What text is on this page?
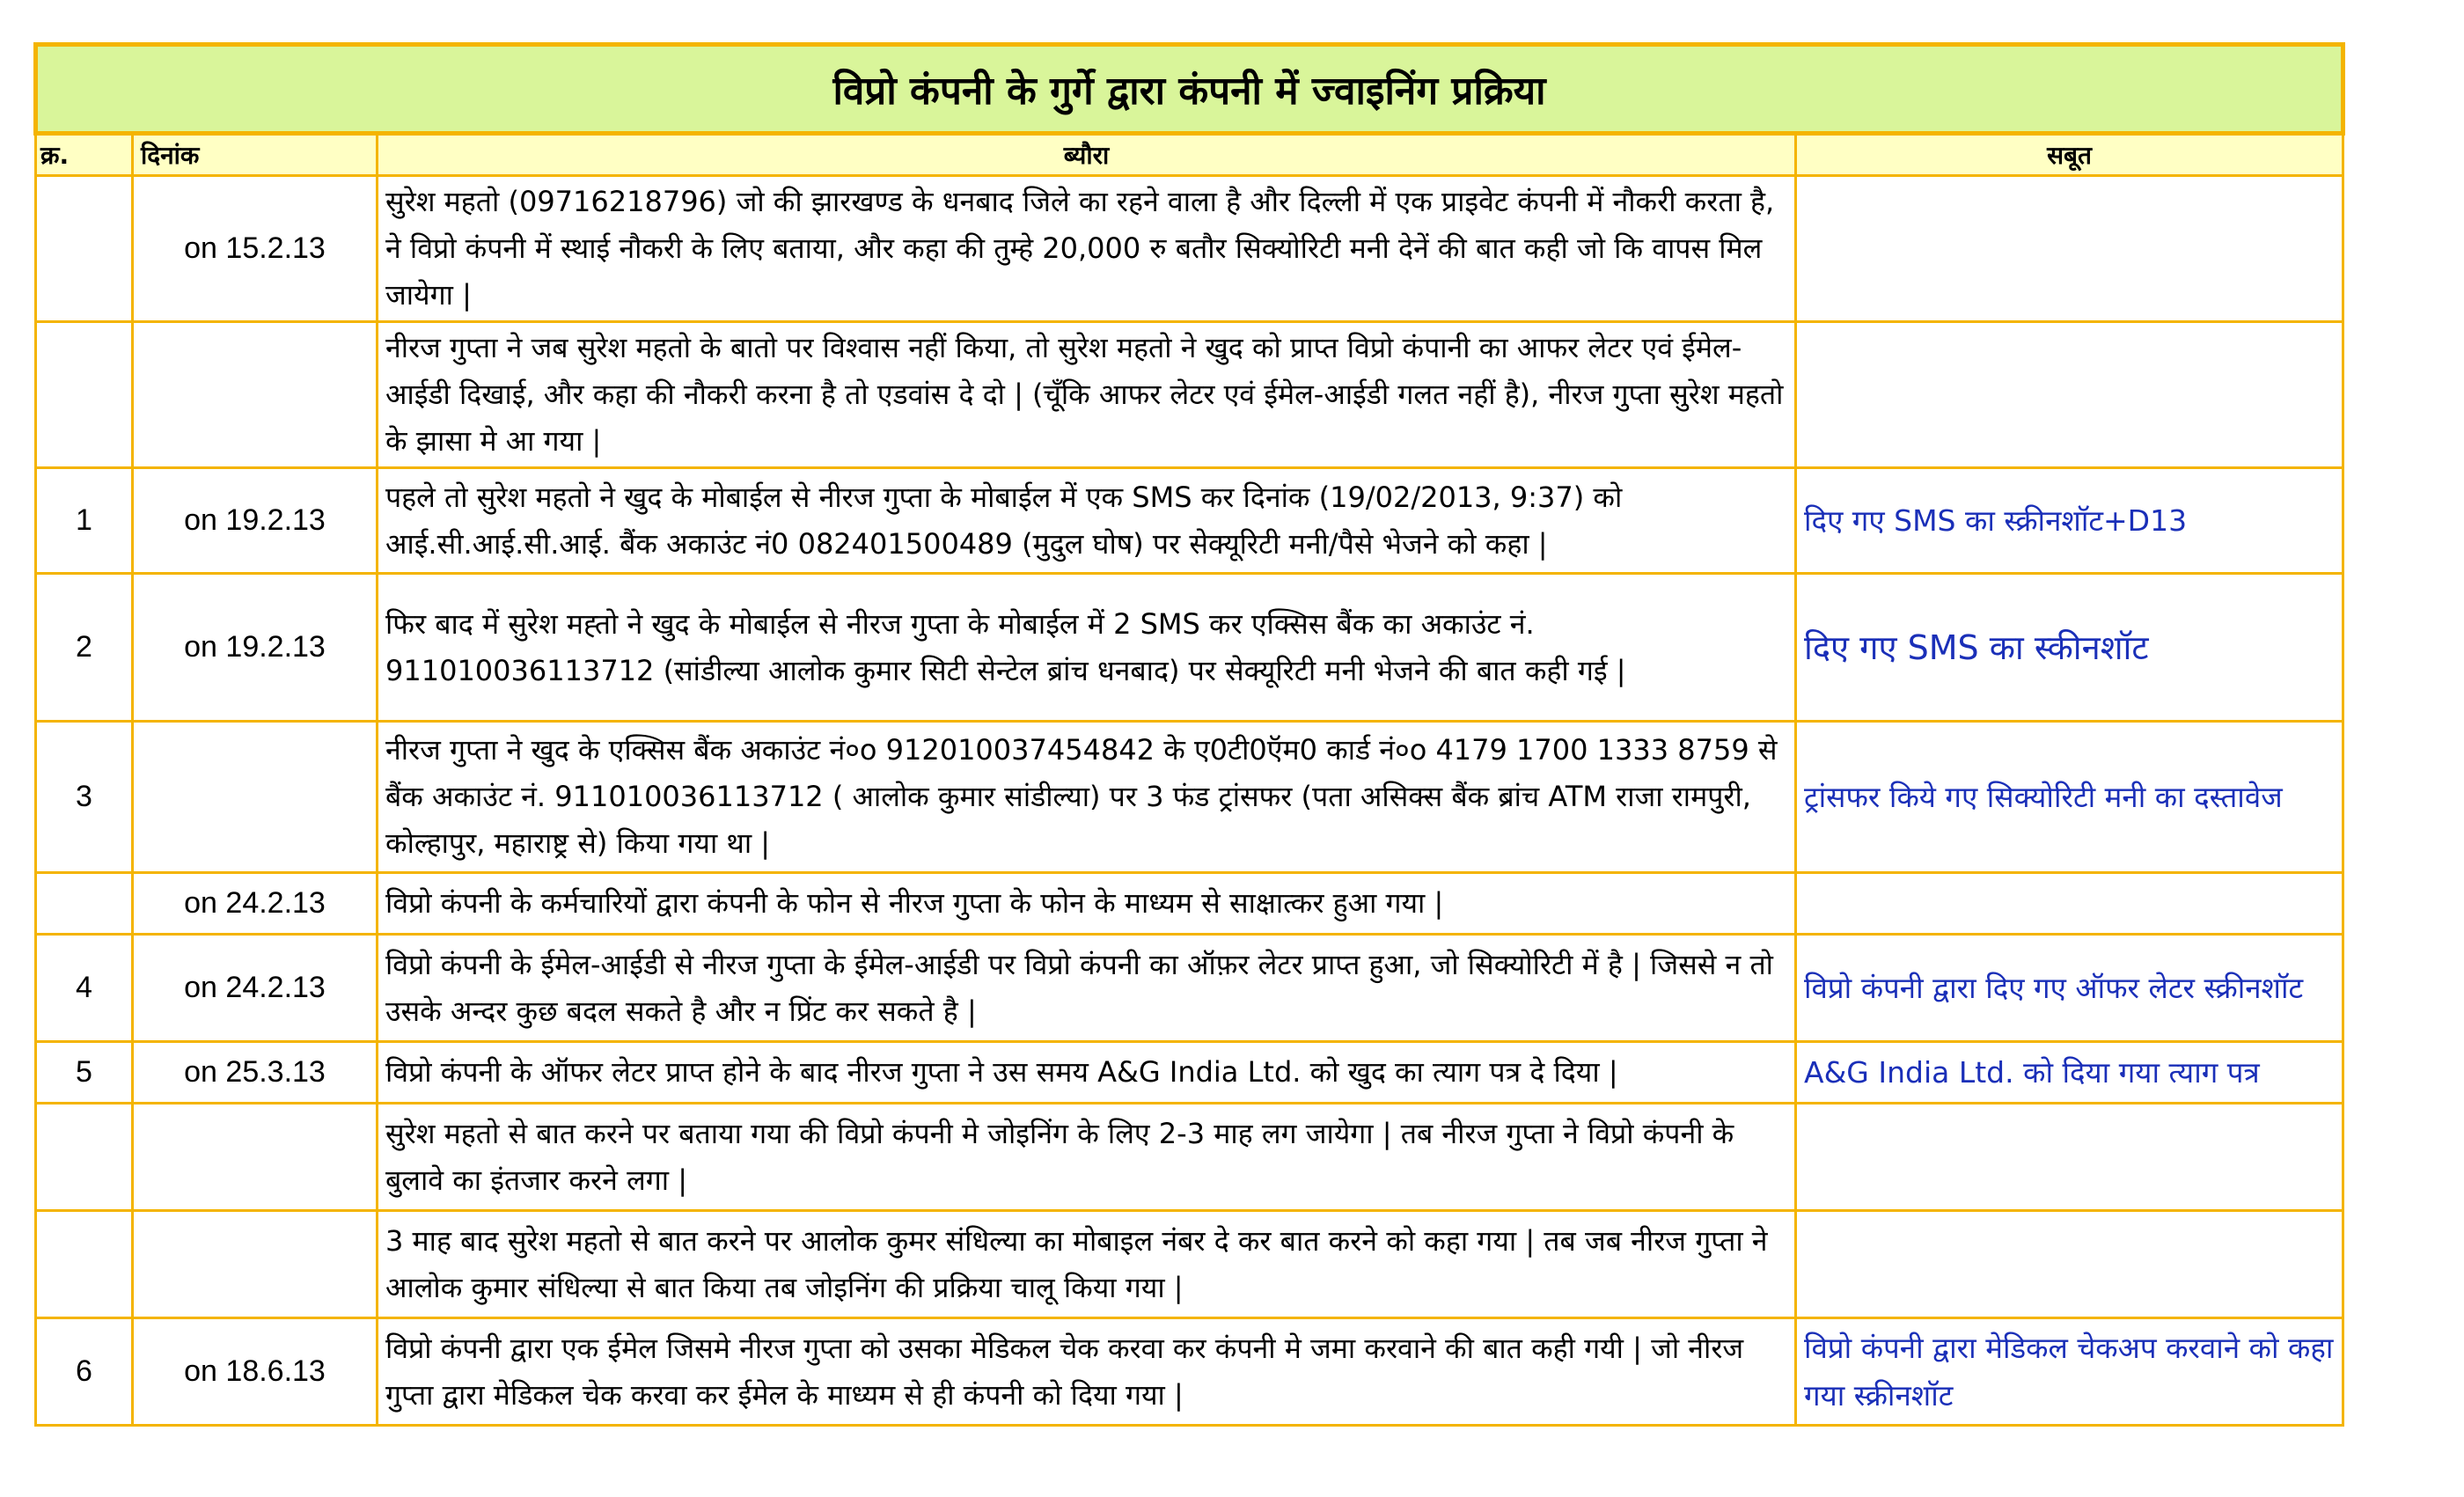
विप्रो कंपनी के गुर्गे द्वारा कंपनी में ज्वाइनिंग प्रक्रिया			
क्र.	दिनांक	ब्यौरा	सबूत
	on 15.2.13	सुरेश महतो (09716218796) जो की झारखण्ड के धनबाद जिले का रहने वाला है और दिल्ली में एक प्राइवेट कंपनी में नौकरी करता है, ने विप्रो कंपनी में स्थाई नौकरी के लिए बताया, और कहा की तुम्हे 20,000 रु बतौर सिक्योरिटी मनी देनें की बात कही जो कि वापस मिल जायेगा |	
		नीरज गुप्ता ने जब सुरेश महतो के बातो पर विश्वास नहीं किया, तो सुरेश महतो ने खुद को प्राप्त विप्रो कंपानी का आफर लेटर एवं ईमेल-आईडी दिखाई, और कहा की नौकरी करना है तो एडवांस दे दो | (चूँकि आफर लेटर एवं ईमेल-आईडी गलत नहीं है), नीरज गुप्ता सुरेश महतो के झासा मे आ गया |	
1	on 19.2.13	पहले तो सुरेश महतो ने खुद के मोबाईल से नीरज गुप्ता के मोबाईल में एक SMS कर दिनांक (19/02/2013, 9:37) को आई.सी.आई.सी.आई. बैंक अकाउंट नं0 082401500489 (मुदुल घोष) पर सेक्यूरिटी मनी/पैसे भेजने को कहा |	दिए गए SMS का स्क्रीनशॉट+D13
2	on 19.2.13	फिर बाद में सुरेश मह्तो ने खुद के मोबाईल से नीरज गुप्ता के मोबाईल में 2 SMS कर एक्सिस बैंक का अकाउंट नं. 911010036113712 (सांडील्या आलोक कुमार सिटी सेन्टेल ब्रांच धनबाद) पर सेक्यूरिटी मनी भेजने की बात कही गई |	दिए गए SMS का स्कीनशॉट
3		नीरज गुप्ता ने खुद के एक्सिस बैंक अकाउंट नं०o 912010037454842 के ए0टी0ऍम0 कार्ड नं०o 4179 1700 1333 8759 से बैंक अकाउंट नं. 911010036113712 ( आलोक कुमार सांडील्या) पर 3 फंड ट्रांसफर (पता असिक्स बैंक ब्रांच ATM राजा रामपुरी, कोल्हापुर, महाराष्ट्र से) किया गया था |	ट्रांसफर किये गए सिक्योरिटी मनी का दस्तावेज
	on 24.2.13	विप्रो कंपनी के कर्मचारियों द्वारा कंपनी के फोन से नीरज गुप्ता के फोन के माध्यम से साक्षात्कर हुआ गया |	
4	on 24.2.13	विप्रो कंपनी के ईमेल-आईडी से नीरज गुप्ता के ईमेल-आईडी पर विप्रो कंपनी का ऑफ़र लेटर प्राप्त हुआ, जो सिक्योरिटी में है | जिससे न तो उसके अन्दर कुछ बदल सकते है और न प्रिंट कर सकते है |	विप्रो कंपनी द्वारा दिए गए ऑफर लेटर स्क्रीनशॉट
5	on 25.3.13	विप्रो कंपनी के ऑफर लेटर प्राप्त होने के बाद नीरज गुप्ता ने उस समय A&G India Ltd. को खुद का त्याग पत्र दे दिया |	A&G India Ltd. को दिया गया त्याग पत्र
		सुरेश महतो से बात करने पर बताया गया की विप्रो कंपनी मे जोइनिंग के लिए 2-3 माह लग जायेगा | तब नीरज गुप्ता ने विप्रो कंपनी के बुलावे का इंतजार करने लगा |	
		3 माह बाद सुरेश महतो से बात करने पर आलोक कुमर संधिल्या का मोबाइल नंबर दे कर बात करने को कहा गया | तब जब नीरज गुप्ता ने आलोक कुमार संधिल्या से बात किया तब जोइनिंग की प्रक्रिया चालू किया गया |	
6	on 18.6.13	विप्रो कंपनी द्वारा एक ईमेल जिसमे नीरज गुप्ता को उसका मेडिकल चेक करवा कर कंपनी मे जमा करवाने की बात कही गयी | जो नीरज गुप्ता द्वारा मेडिकल चेक करवा कर ईमेल के माध्यम से ही कंपनी को दिया गया |	विप्रो कंपनी द्वारा मेडिकल चेकअप करवाने को कहा गया स्क्रीनशॉट
